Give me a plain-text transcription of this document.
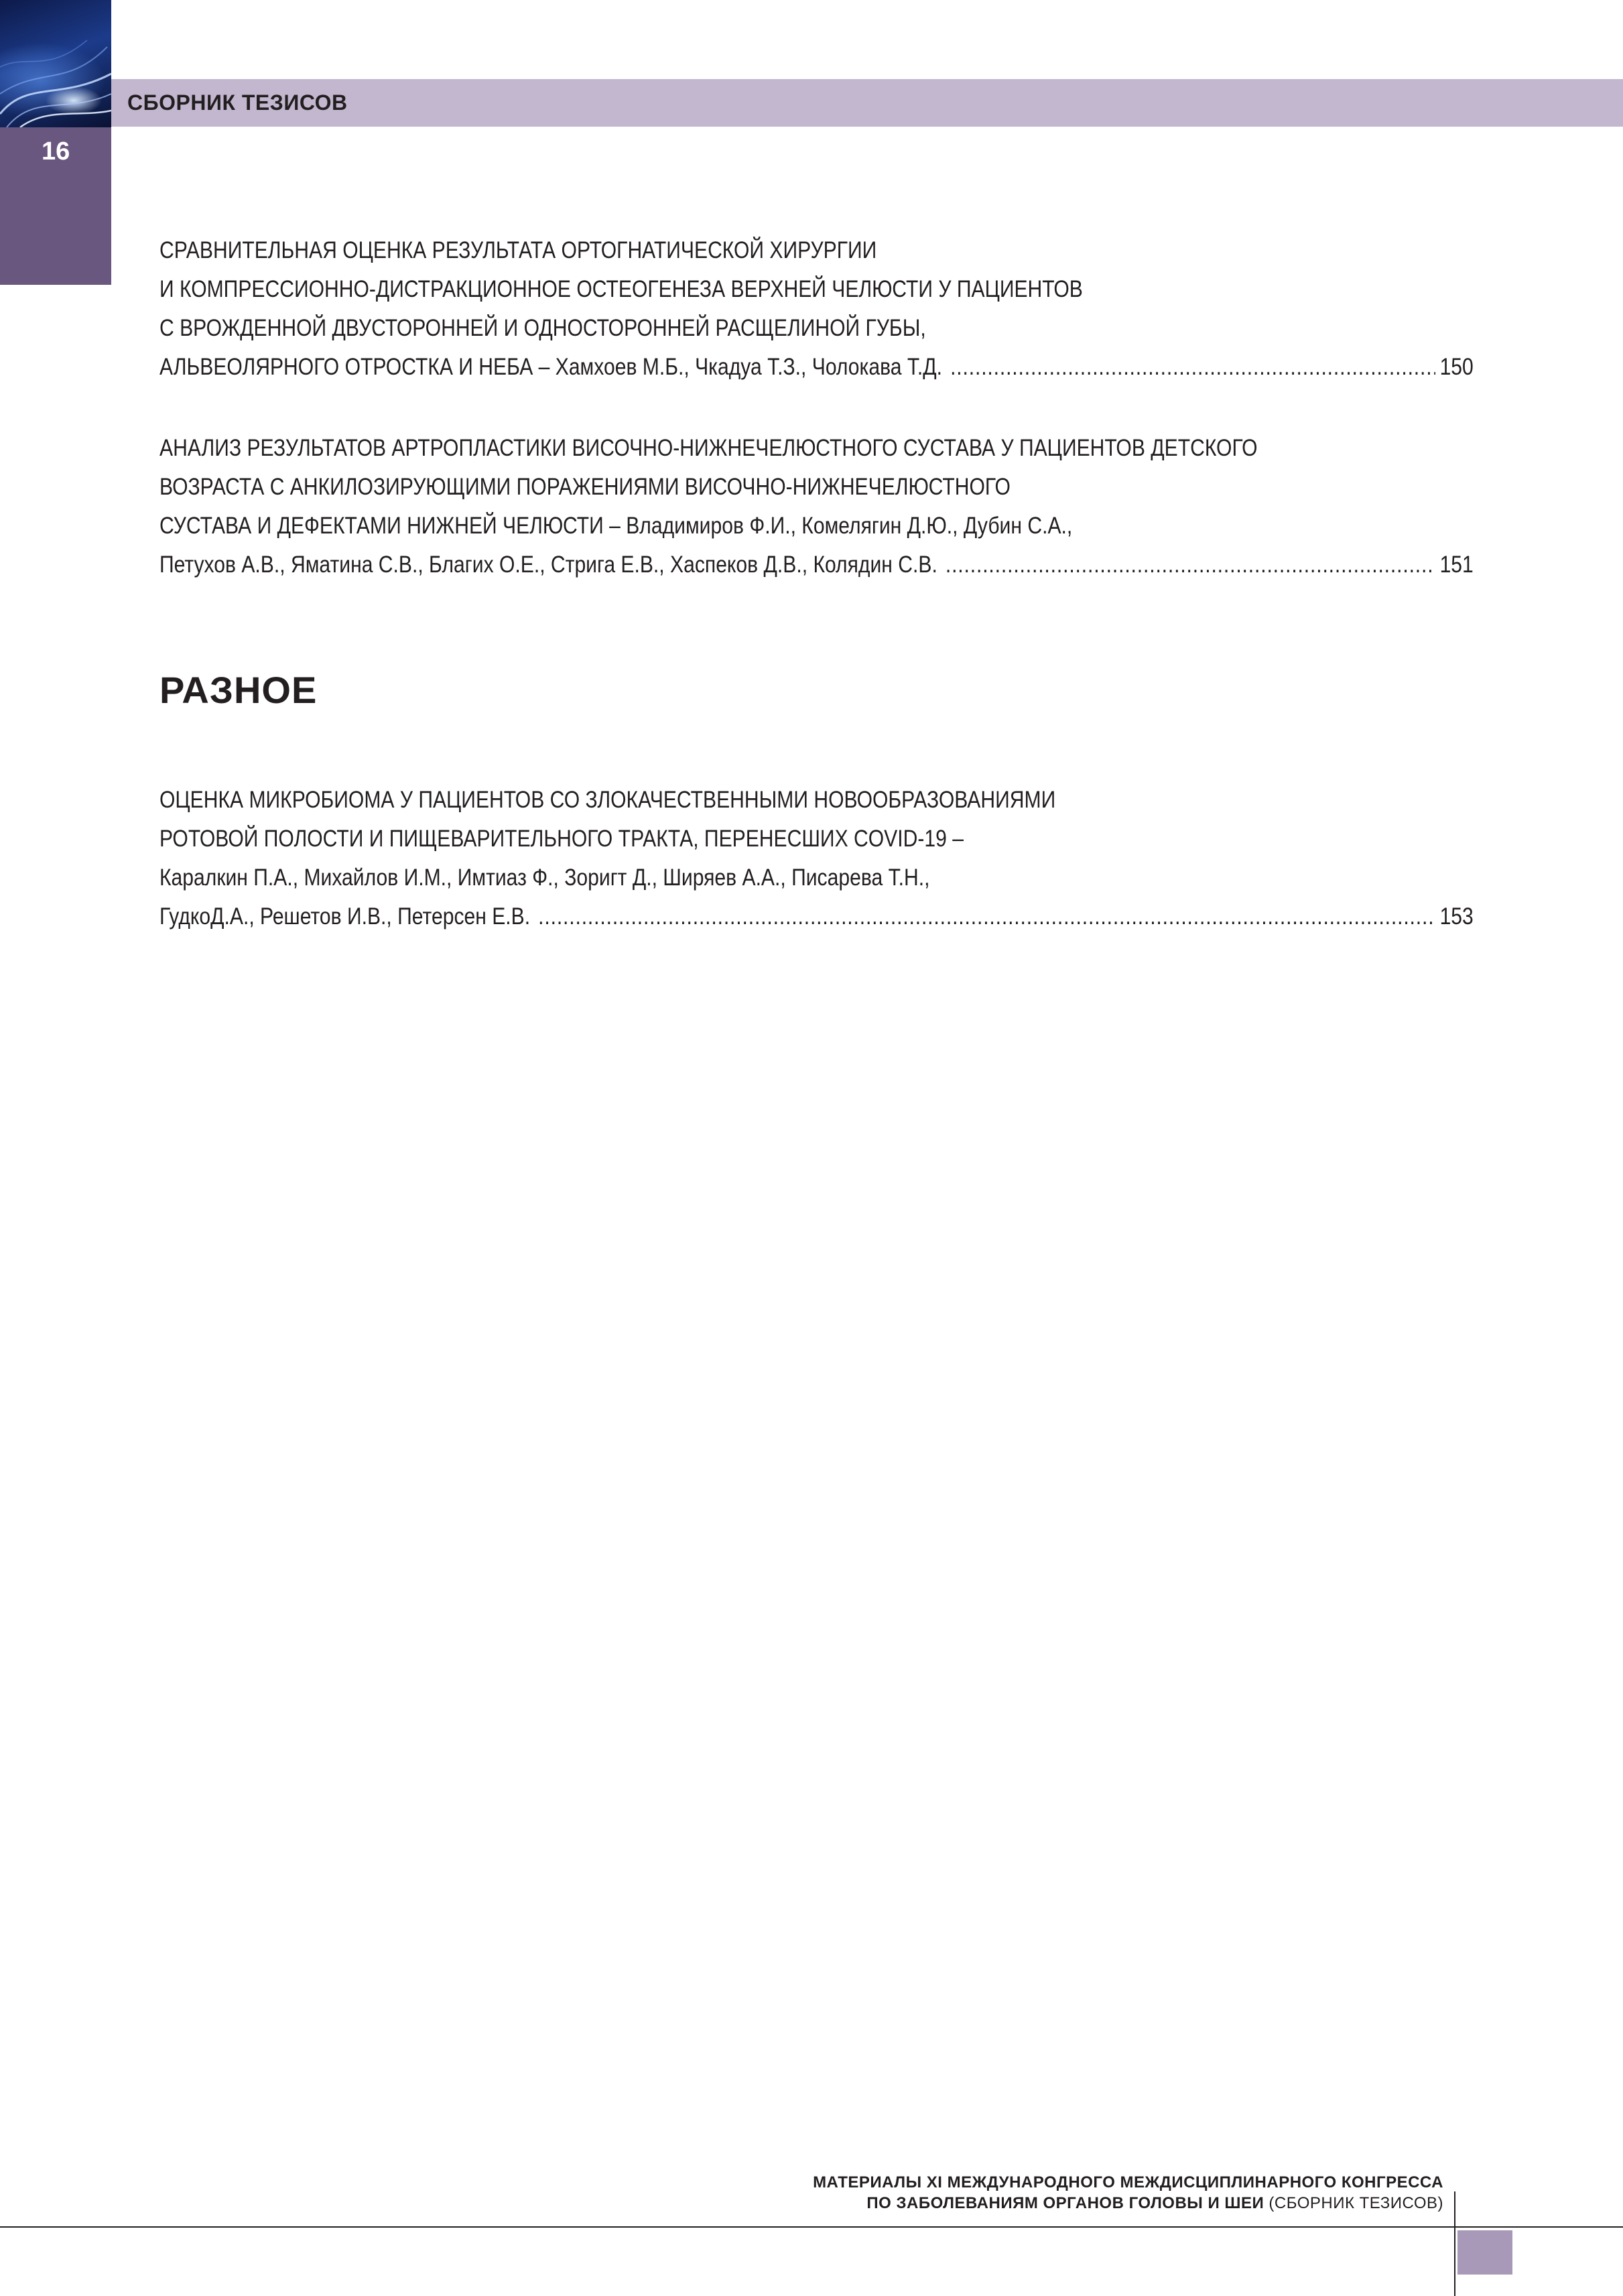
СБОРНИК ТЕЗИСОВ
16
СРАВНИТЕЛЬНАЯ ОЦЕНКА РЕЗУЛЬТАТА ОРТОГНАТИЧЕСКОЙ ХИРУРГИИ
И КОМПРЕССИОННО-ДИСТРАКЦИОННОЕ ОСТЕОГЕНЕЗА ВЕРХНЕЙ ЧЕЛЮСТИ У ПАЦИЕНТОВ
С ВРОЖДЕННОЙ ДВУСТОРОННЕЙ И ОДНОСТОРОННЕЙ РАСЩЕЛИНОЙ ГУБЫ,
АЛЬВЕОЛЯРНОГО ОТРОСТКА И НЕБА – Хамхоев М.Б., Чкадуа Т.З., Чолокава Т.Д. .....	150
АНАЛИЗ РЕЗУЛЬТАТОВ АРТРОПЛАСТИКИ ВИСОЧНО-НИЖНЕЧЕЛЮСТНОГО СУСТАВА У ПАЦИЕНТОВ ДЕТСКОГО
ВОЗРАСТА С АНКИЛОЗИРУЮЩИМИ ПОРАЖЕНИЯМИ ВИСОЧНО-НИЖНЕЧЕЛЮСТНОГО
СУСТАВА И ДЕФЕКТАМИ НИЖНЕЙ ЧЕЛЮСТИ – Владимиров Ф.И., Комелягин Д.Ю., Дубин С.А.,
Петухов А.В., Яматина С.В., Благих О.Е., Стрига Е.В., Хаспеков Д.В., Колядин С.В. .....	151
РАЗНОЕ
ОЦЕНКА МИКРОБИОМА У ПАЦИЕНТОВ СО ЗЛОКАЧЕСТВЕННЫМИ НОВООБРАЗОВАНИЯМИ
РОТОВОЙ ПОЛОСТИ И ПИЩЕВАРИТЕЛЬНОГО ТРАКТА, ПЕРЕНЕСШИХ COVID-19 –
Каралкин П.А., Михайлов И.М., Имтиаз Ф., Зоригт Д., Ширяев А.А., Писарева Т.Н.,
ГудкоД.А., Решетов И.В., Петерсен Е.В. .....	153
МАТЕРИАЛЫ XI МЕЖДУНАРОДНОГО МЕЖДИСЦИПЛИНАРНОГО КОНГРЕССА
ПО ЗАБОЛЕВАНИЯМ ОРГАНОВ ГОЛОВЫ И ШЕИ (СБОРНИК ТЕЗИСОВ)
